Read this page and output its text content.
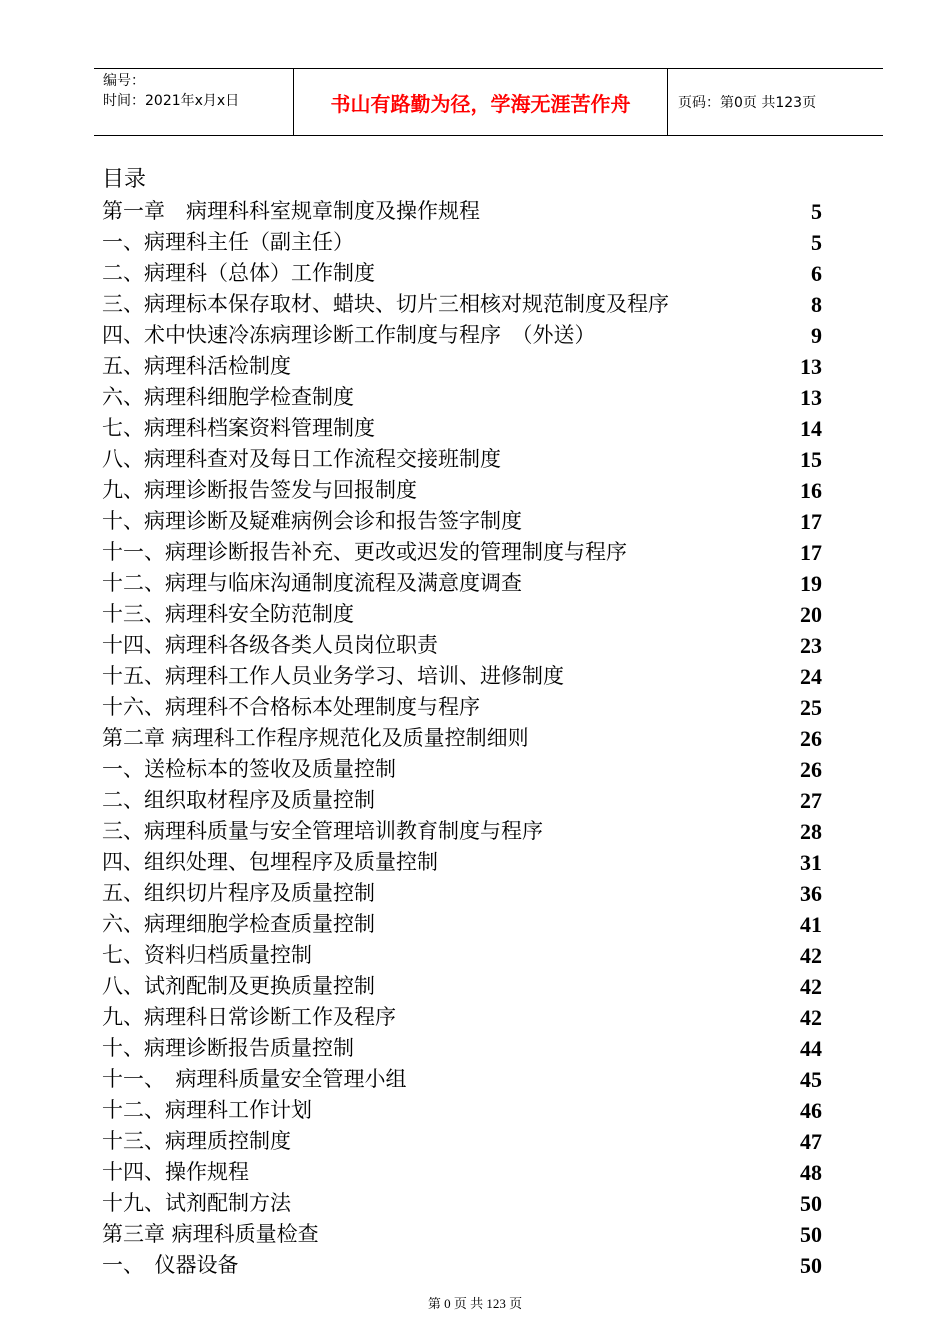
编号：
时间：2021年x月x日	书山有路勤为径，学海无涯苦作舟	页码：第0页 共123页
目录
第一章　病理科科室规章制度及操作规程	5
一、病理科主任（副主任）	5
二、病理科（总体）工作制度	6
三、病理标本保存取材、蜡块、切片三相核对规范制度及程序	8
四、术中快速冷冻病理诊断工作制度与程序　（外送）	9
五、病理科活检制度	13
六、病理科细胞学检查制度	13
七、病理科档案资料管理制度	14
八、病理科查对及每日工作流程交接班制度	15
九、病理诊断报告签发与回报制度	16
十、病理诊断及疑难病例会诊和报告签字制度	17
十一、病理诊断报告补充、更改或迟发的管理制度与程序	17
十二、病理与临床沟通制度流程及满意度调查	19
十三、病理科安全防范制度	20
十四、病理科各级各类人员岗位职责	23
十五、病理科工作人员业务学习、培训、进修制度	24
十六、病理科不合格标本处理制度与程序	25
第二章 病理科工作程序规范化及质量控制细则	26
一、送检标本的签收及质量控制	26
二、组织取材程序及质量控制	27
三、病理科质量与安全管理培训教育制度与程序	28
四、组织处理、包埋程序及质量控制	31
五、组织切片程序及质量控制	36
六、病理细胞学检查质量控制	41
七、资料归档质量控制	42
八、试剂配制及更换质量控制	42
九、病理科日常诊断工作及程序	42
十、病理诊断报告质量控制	44
十一、　病理科质量安全管理小组	45
十二、病理科工作计划	46
十三、病理质控制度	47
十四、操作规程	48
十九、试剂配制方法	50
第三章 病理科质量检查	50
一、　仪器设备	50
第 0 页 共 123 页
